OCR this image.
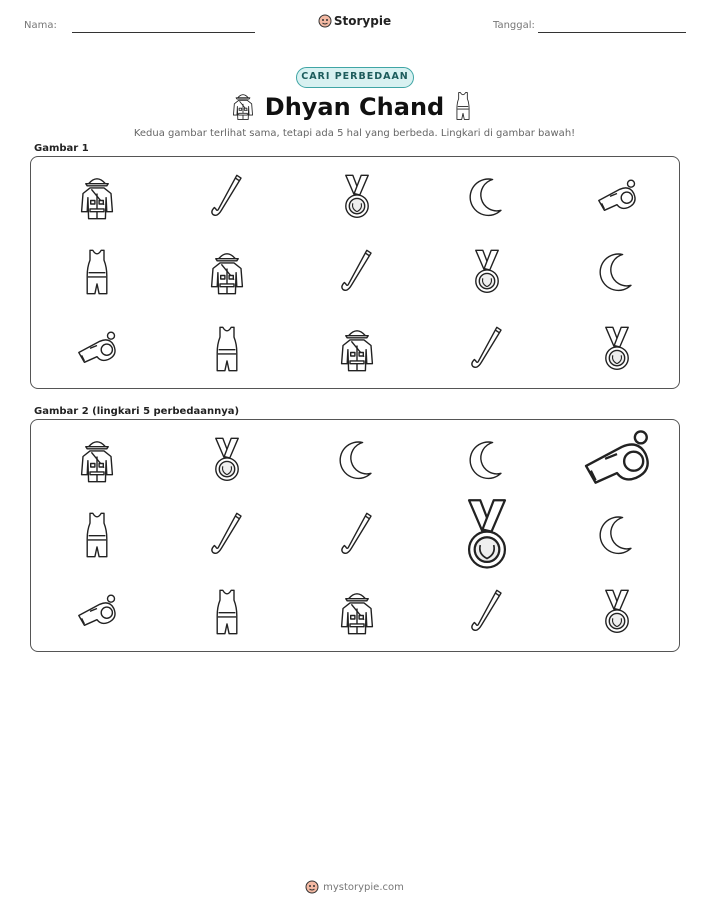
Nama:	Storypie	Tanggal:
CARI PERBEDAAN
Dhyan Chand
Kedua gambar terlihat sama, tetapi ada 5 hal yang berbeda. Lingkari di gambar bawah!
Gambar 1
Gambar 2 (lingkari 5 perbedaannya)
mystorypie.com
